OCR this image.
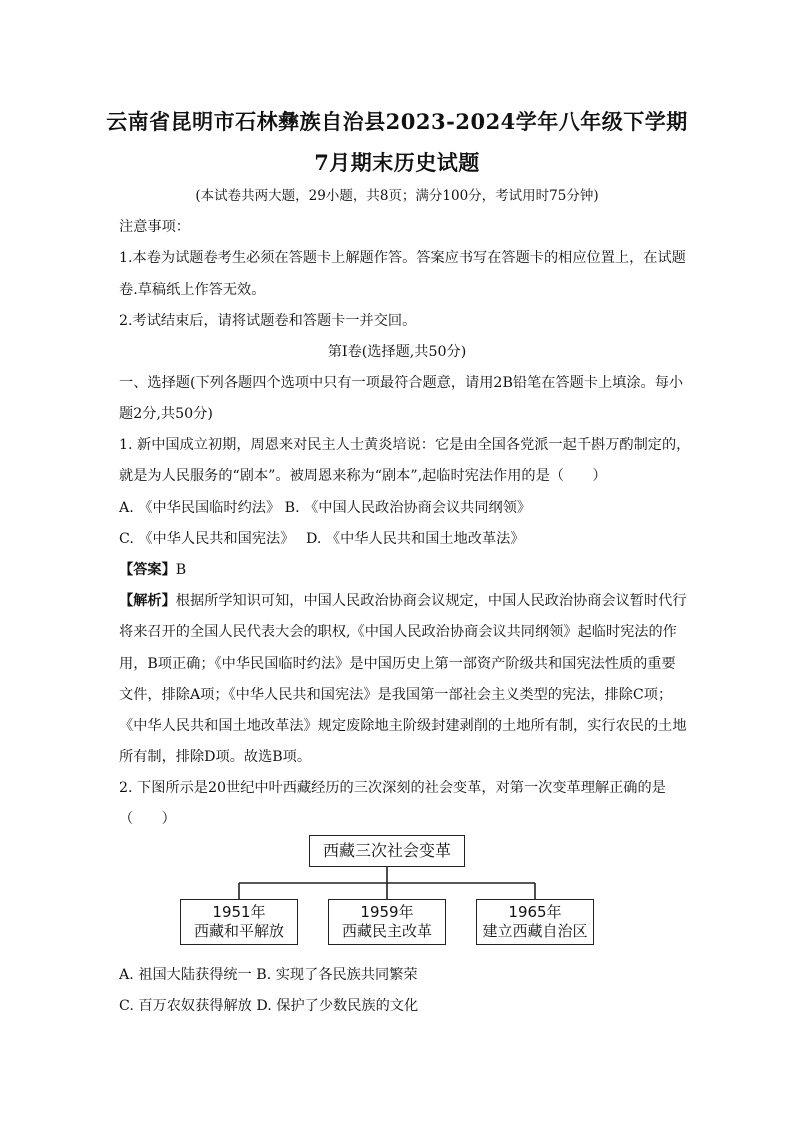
云南省昆明市石林彝族自治县2023-2024学年八年级下学期
7月期末历史试题
(本试卷共两大题，29小题，共8页；满分100分，考试用时75分钟)
注意事项：
1.本卷为试题卷考生必须在答题卡上解题作答。答案应书写在答题卡的相应位置上，在试题
卷.草稿纸上作答无效。
2.考试结束后，请将试题卷和答题卡一并交回。
第Ⅰ卷(选择题,共50分)
一、选择题(下列各题四个选项中只有一项最符合题意，请用2B铅笔在答题卡上填涂。每小
题2分,共50分)
1. 新中国成立初期，周恩来对民主人士黄炎培说：它是由全国各党派一起千斟万酌制定的，
就是为人民服务的“剧本”。被周恩来称为“剧本”,起临时宪法作用的是（　　）
A. 《中华民国临时约法》 B. 《中国人民政治协商会议共同纲领》
C. 《中华人民共和国宪法》　 D. 《中华人民共和国土地改革法》
【答案】B
【解析】根据所学知识可知，中国人民政治协商会议规定，中国人民政治协商会议暂时代行
将来召开的全国人民代表大会的职权,《中国人民政治协商会议共同纲领》起临时宪法的作
用，B项正确；《中华民国临时约法》是中国历史上第一部资产阶级共和国宪法性质的重要
文件，排除A项；《中华人民共和国宪法》是我国第一部社会主义类型的宪法，排除C项；
《中华人民共和国土地改革法》规定废除地主阶级封建剥削的土地所有制，实行农民的土地
所有制，排除D项。故选B项。
2. 下图所示是20世纪中叶西藏经历的三次深刻的社会变革，对第一次变革理解正确的是
（　　）
西藏三次社会变革
1951年
西藏和平解放
1959年
西藏民主改革
1965年
建立西藏自治区
A. 祖国大陆获得统一 B. 实现了各民族共同繁荣
C. 百万农奴获得解放 D. 保护了少数民族的文化
